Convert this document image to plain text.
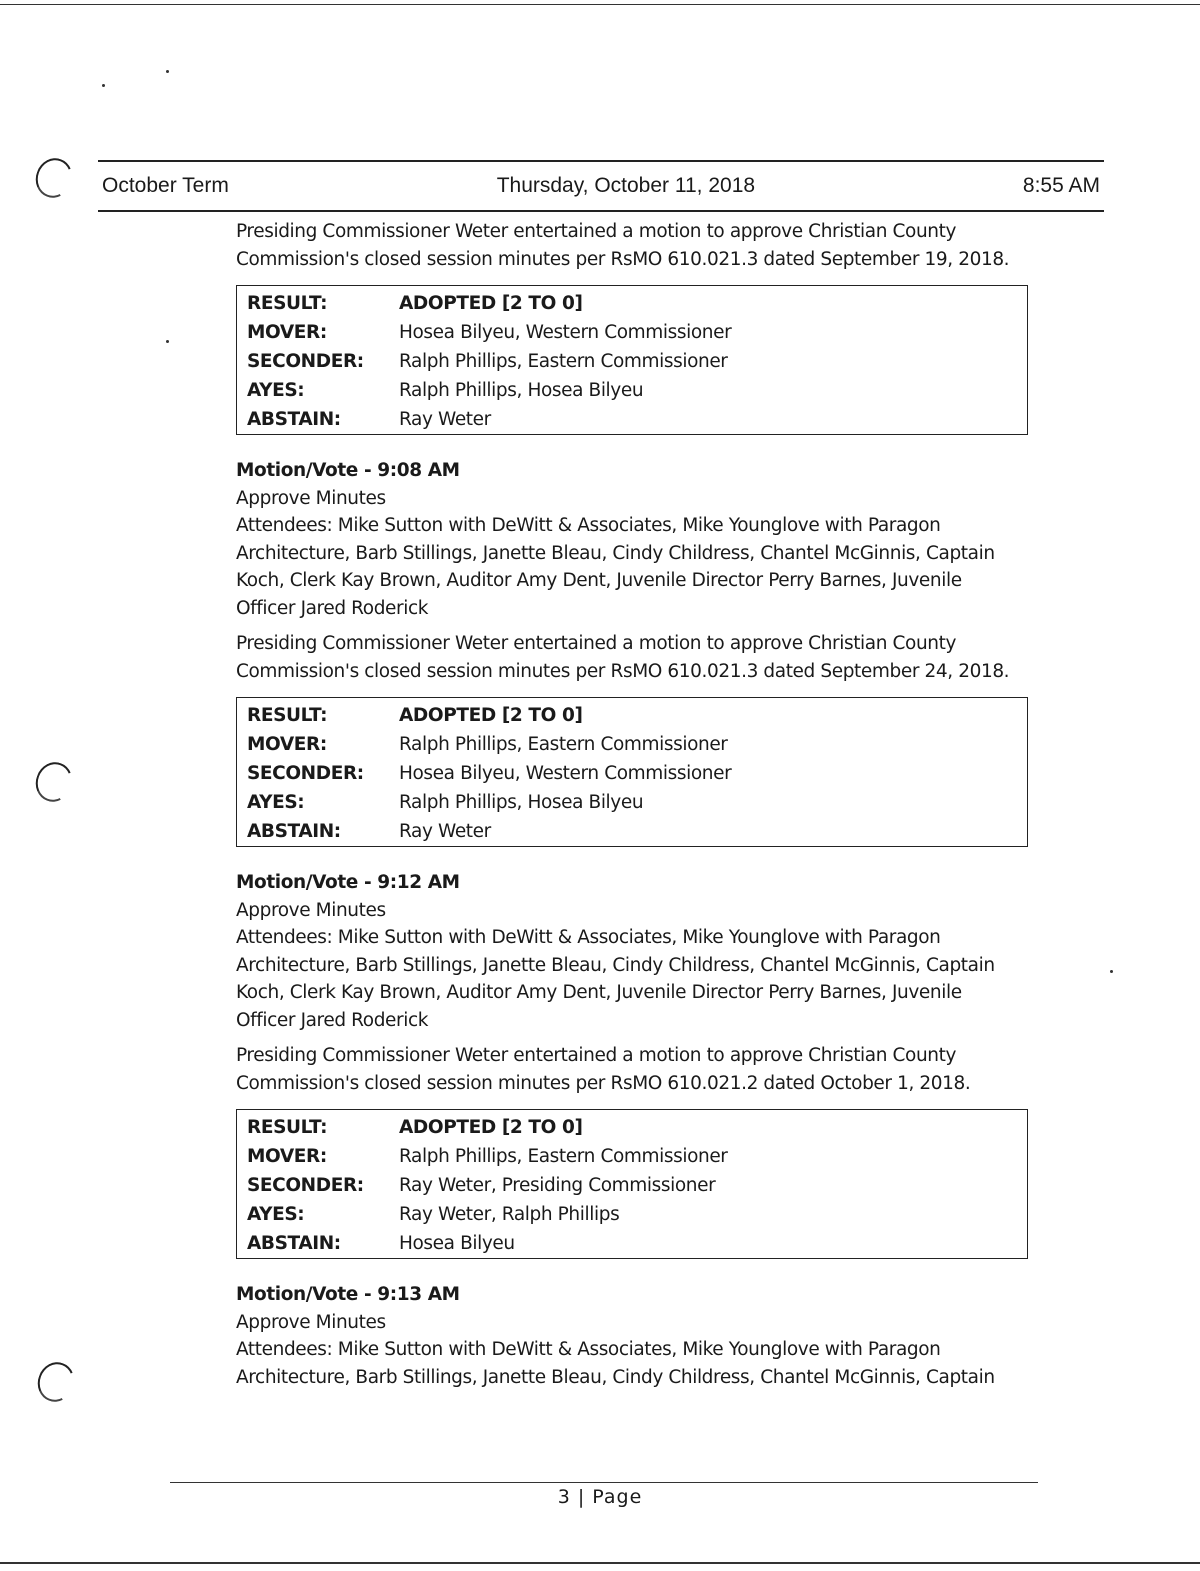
October Term	Thursday, October 11, 2018	8:55 AM

Presiding Commissioner Weter entertained a motion to approve Christian County
Commission's closed session minutes per RsMO 610.021.3 dated September 19, 2018.

RESULT:	ADOPTED [2 TO 0]
MOVER:	Hosea Bilyeu, Western Commissioner
SECONDER:	Ralph Phillips, Eastern Commissioner
AYES:	Ralph Phillips, Hosea Bilyeu
ABSTAIN:	Ray Weter
Motion/Vote - 9:08 AM
Approve Minutes
Attendees: Mike Sutton with DeWitt & Associates, Mike Younglove with Paragon
Architecture, Barb Stillings, Janette Bleau, Cindy Childress, Chantel McGinnis, Captain
Koch, Clerk Kay Brown, Auditor Amy Dent, Juvenile Director Perry Barnes, Juvenile
Officer Jared Roderick
Presiding Commissioner Weter entertained a motion to approve Christian County
Commission's closed session minutes per RsMO 610.021.3 dated September 24, 2018.
RESULT:	ADOPTED [2 TO 0]
MOVER:	Ralph Phillips, Eastern Commissioner
SECONDER:	Hosea Bilyeu, Western Commissioner
AYES:	Ralph Phillips, Hosea Bilyeu
ABSTAIN:	Ray Weter
Motion/Vote - 9:12 AM
Approve Minutes
Attendees: Mike Sutton with DeWitt & Associates, Mike Younglove with Paragon
Architecture, Barb Stillings, Janette Bleau, Cindy Childress, Chantel McGinnis, Captain
Koch, Clerk Kay Brown, Auditor Amy Dent, Juvenile Director Perry Barnes, Juvenile
Officer Jared Roderick
Presiding Commissioner Weter entertained a motion to approve Christian County
Commission's closed session minutes per RsMO 610.021.2 dated October 1, 2018.
RESULT:	ADOPTED [2 TO 0]
MOVER:	Ralph Phillips, Eastern Commissioner
SECONDER:	Ray Weter, Presiding Commissioner
AYES:	Ray Weter, Ralph Phillips
ABSTAIN:	Hosea Bilyeu
Motion/Vote - 9:13 AM
Approve Minutes
Attendees: Mike Sutton with DeWitt & Associates, Mike Younglove with Paragon
Architecture, Barb Stillings, Janette Bleau, Cindy Childress, Chantel McGinnis, Captain
3 | Page
